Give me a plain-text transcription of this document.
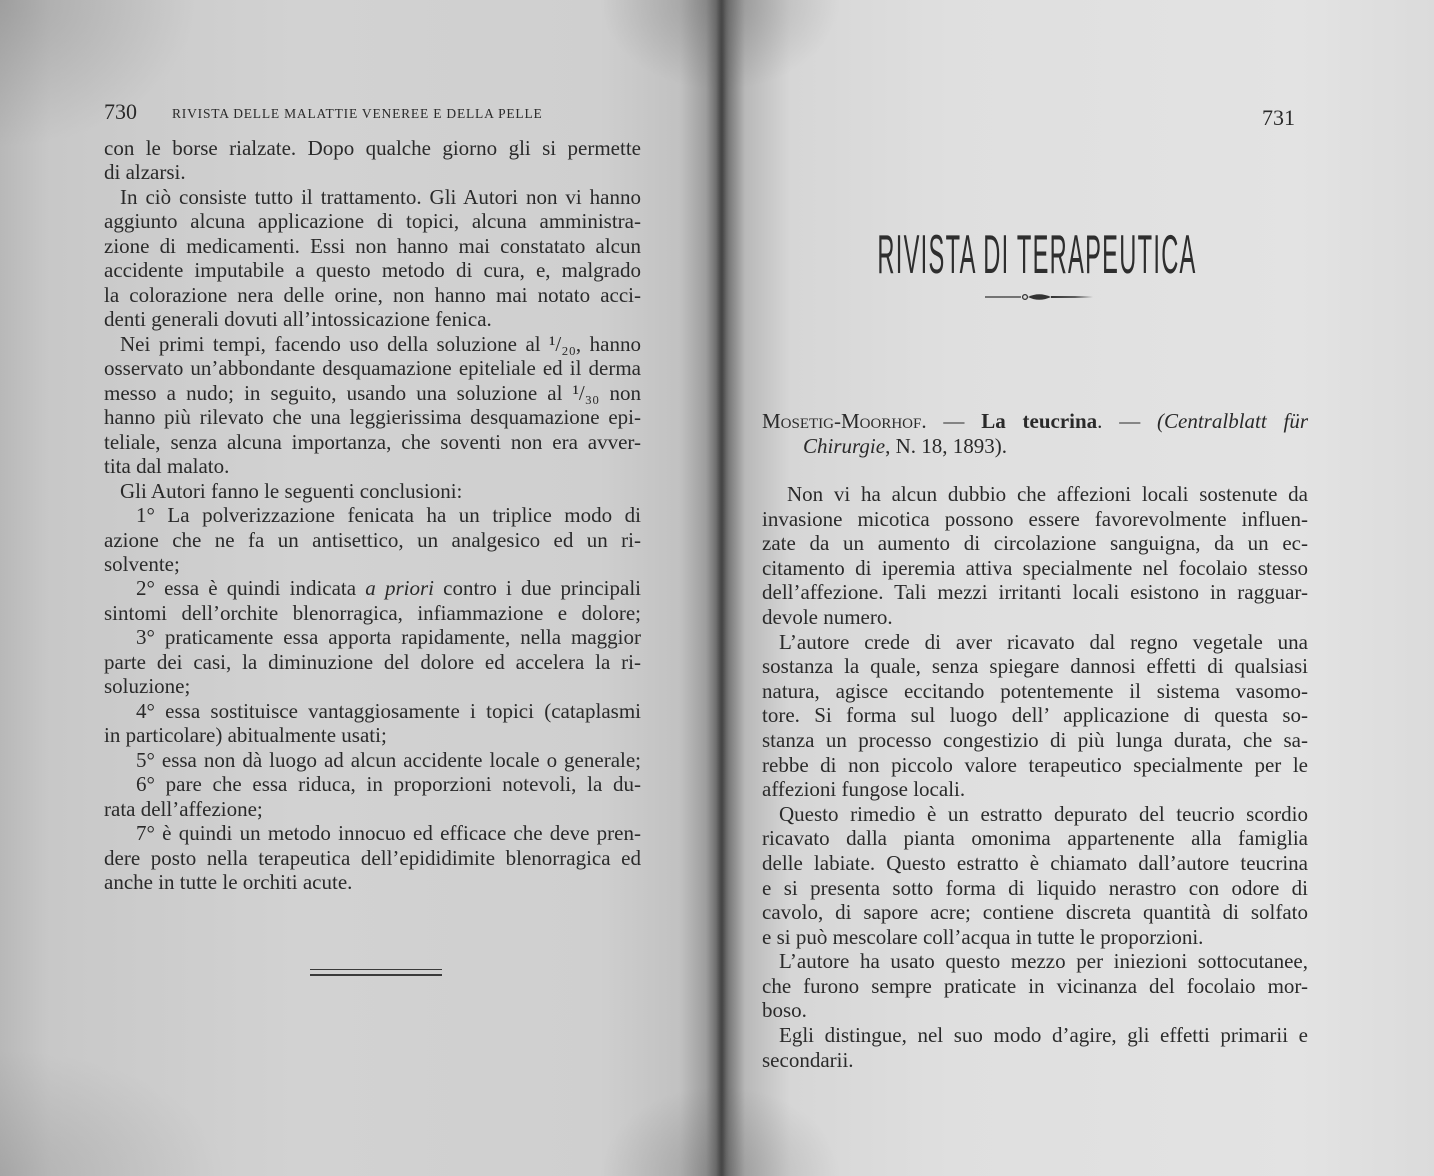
730	RIVISTA DELLE MALATTIE VENEREE E DELLA PELLE
con le borse rialzate. Dopo qualche giorno gli si permette
di alzarsi.
In ciò consiste tutto il trattamento. Gli Autori non vi hanno
aggiunto alcuna applicazione di topici, alcuna amministra-
zione di medicamenti. Essi non hanno mai constatato alcun
accidente imputabile a questo metodo di cura, e, malgrado
la colorazione nera delle orine, non hanno mai notato acci-
denti generali dovuti all’intossicazione fenica.
Nei primi tempi, facendo uso della soluzione al ¹/₂₀, hanno
osservato un’abbondante desquamazione epiteliale ed il derma
messo a nudo; in seguito, usando una soluzione al ¹/₃₀ non
hanno più rilevato che una leggierissima desquamazione epi-
teliale, senza alcuna importanza, che soventi non era avver-
tita dal malato.
Gli Autori fanno le seguenti conclusioni:
1° La polverizzazione fenicata ha un triplice modo di
azione che ne fa un antisettico, un analgesico ed un ri-
solvente;
2° essa è quindi indicata a priori contro i due principali
sintomi dell’orchite blenorragica, infiammazione e dolore;
3° praticamente essa apporta rapidamente, nella maggior
parte dei casi, la diminuzione del dolore ed accelera la ri-
soluzione;
4° essa sostituisce vantaggiosamente i topici (cataplasmi
in particolare) abitualmente usati;
5° essa non dà luogo ad alcun accidente locale o generale;
6° pare che essa riduca, in proporzioni notevoli, la du-
rata dell’affezione;
7° è quindi un metodo innocuo ed efficace che deve pren-
dere posto nella terapeutica dell’epididimite blenorragica ed
anche in tutte le orchiti acute.
731
RIVISTA DI TERAPEUTICA
Mosetig-Moorhof. — La teucrina. — (Centralblatt für
Chirurgie, N. 18, 1893).
Non vi ha alcun dubbio che affezioni locali sostenute da
invasione micotica possono essere favorevolmente influen-
zate da un aumento di circolazione sanguigna, da un ec-
citamento di iperemia attiva specialmente nel focolaio stesso
dell’affezione. Tali mezzi irritanti locali esistono in ragguar-
devole numero.
L’autore crede di aver ricavato dal regno vegetale una
sostanza la quale, senza spiegare dannosi effetti di qualsiasi
natura, agisce eccitando potentemente il sistema vasomo-
tore. Si forma sul luogo dell’ applicazione di questa so-
stanza un processo congestizio di più lunga durata, che sa-
rebbe di non piccolo valore terapeutico specialmente per le
affezioni fungose locali.
Questo rimedio è un estratto depurato del teucrio scordio
ricavato dalla pianta omonima appartenente alla famiglia
delle labiate. Questo estratto è chiamato dall’autore teucrina
e si presenta sotto forma di liquido nerastro con odore di
cavolo, di sapore acre; contiene discreta quantità di solfato
e si può mescolare coll’acqua in tutte le proporzioni.
L’autore ha usato questo mezzo per iniezioni sottocutanee,
che furono sempre praticate in vicinanza del focolaio mor-
boso.
Egli distingue, nel suo modo d’agire, gli effetti primarii e
secondarii.
